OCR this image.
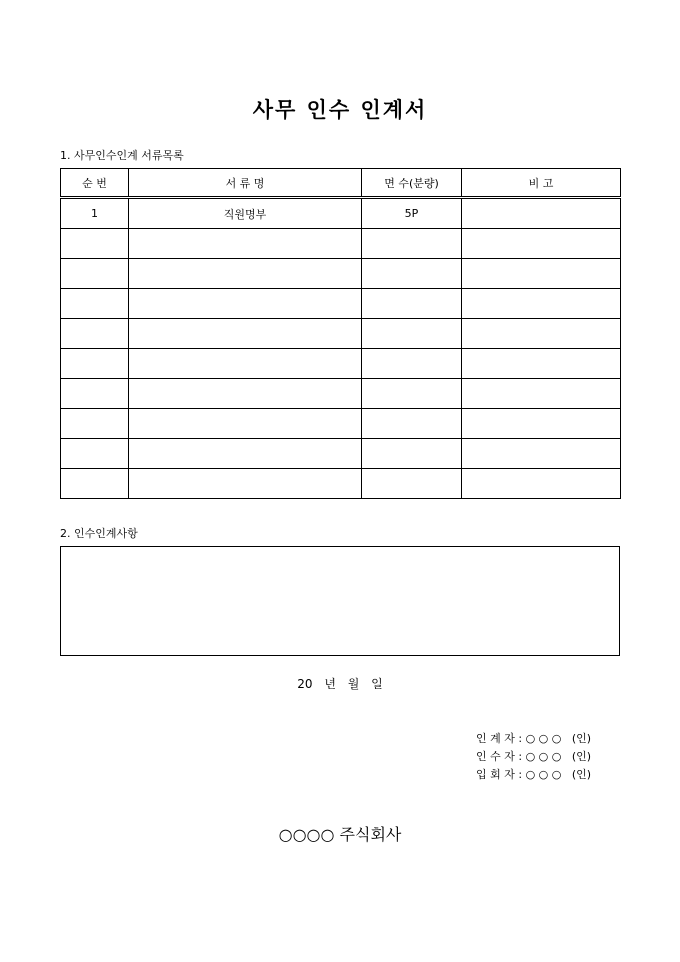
사무 인수 인계서
1. 사무인수인계 서류목록
순 번	서 류 명	면 수(분량)	비 고
1	직원명부	5P	

2. 인수인계사항
20 년 월 일
인 계 자 : ○ ○ ○ (인)
인 수 자 : ○ ○ ○ (인)
입 회 자 : ○ ○ ○ (인)
○○○○ 주식회사
